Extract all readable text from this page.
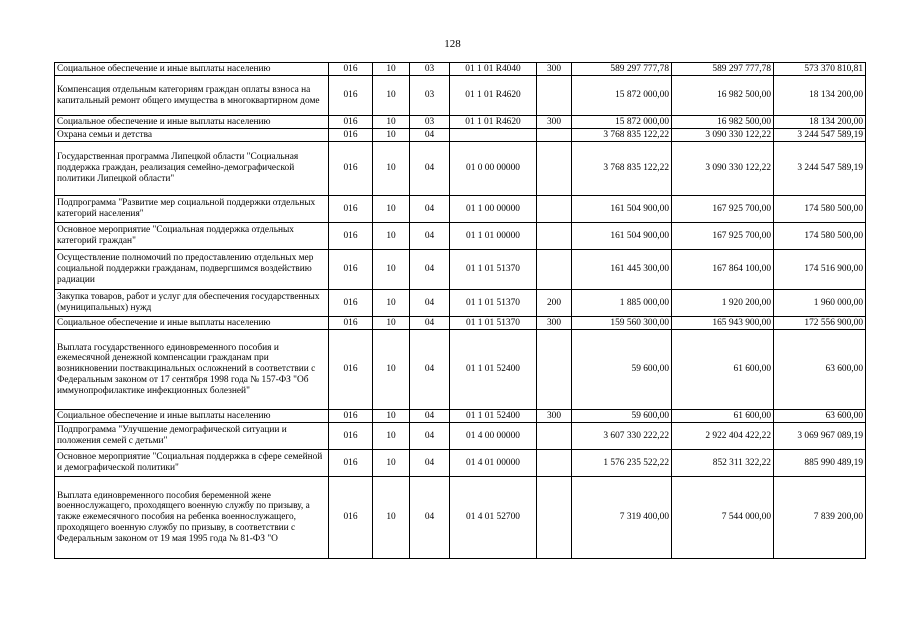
128
Социальное обеспечение и иные выплаты населению	016	10	03	01 1 01 R4040	300	589 297 777,78	589 297 777,78	573 370 810,81
Компенсация отдельным категориям граждан оплаты взноса на капитальный ремонт общего имущества в многоквартирном доме	016	10	03	01 1 01 R4620		15 872 000,00	16 982 500,00	18 134 200,00
Социальное обеспечение и иные выплаты населению	016	10	03	01 1 01 R4620	300	15 872 000,00	16 982 500,00	18 134 200,00
Охрана семьи и детства	016	10	04			3 768 835 122,22	3 090 330 122,22	3 244 547 589,19
Государственная программа Липецкой области "Социальная поддержка граждан, реализация семейно-демографической политики Липецкой области"	016	10	04	01 0 00 00000		3 768 835 122,22	3 090 330 122,22	3 244 547 589,19
Подпрограмма "Развитие мер социальной поддержки отдельных категорий населения"	016	10	04	01 1 00 00000		161 504 900,00	167 925 700,00	174 580 500,00
Основное мероприятие "Социальная поддержка отдельных категорий граждан"	016	10	04	01 1 01 00000		161 504 900,00	167 925 700,00	174 580 500,00
Осуществление полномочий по предоставлению отдельных мер социальной поддержки гражданам, подвергшимся воздействию радиации	016	10	04	01 1 01 51370		161 445 300,00	167 864 100,00	174 516 900,00
Закупка товаров, работ и услуг для обеспечения государственных (муниципальных) нужд	016	10	04	01 1 01 51370	200	1 885 000,00	1 920 200,00	1 960 000,00
Социальное обеспечение и иные выплаты населению	016	10	04	01 1 01 51370	300	159 560 300,00	165 943 900,00	172 556 900,00
Выплата государственного единовременного пособия и ежемесячной денежной компенсации гражданам при возникновении поствакцинальных осложнений в соответствии с Федеральным законом от 17 сентября 1998 года № 157-ФЗ "Об иммунопрофилактике инфекционных болезней"	016	10	04	01 1 01 52400		59 600,00	61 600,00	63 600,00
Социальное обеспечение и иные выплаты населению	016	10	04	01 1 01 52400	300	59 600,00	61 600,00	63 600,00
Подпрограмма "Улучшение демографической ситуации и положения семей с детьми"	016	10	04	01 4 00 00000		3 607 330 222,22	2 922 404 422,22	3 069 967 089,19
Основное мероприятие "Социальная поддержка в сфере семейной и демографической политики"	016	10	04	01 4 01 00000		1 576 235 522,22	852 311 322,22	885 990 489,19
Выплата единовременного пособия беременной жене военнослужащего, проходящего военную службу по призыву, а также ежемесячного пособия на ребенка военнослужащего, проходящего военную службу по призыву, в соответствии с Федеральным законом от 19 мая 1995 года № 81-ФЗ "О	016	10	04	01 4 01 52700		7 319 400,00	7 544 000,00	7 839 200,00
